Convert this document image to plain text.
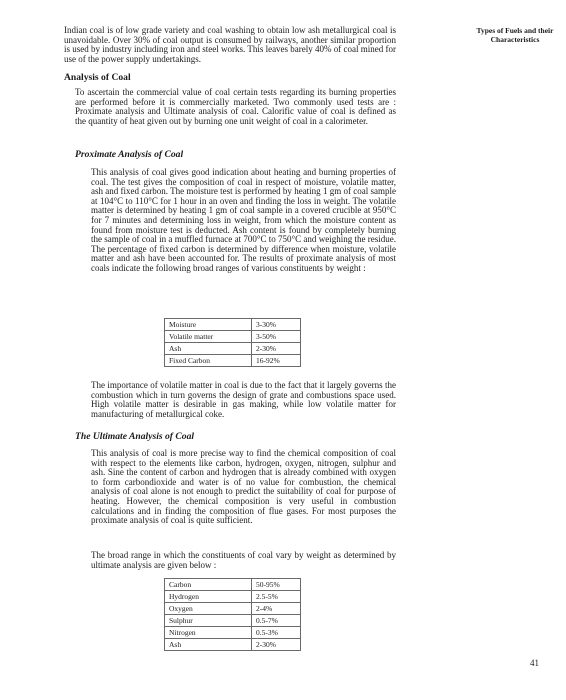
Types of Fuels and their Characteristics

Indian coal is of low grade variety and coal washing to obtain low ash metallurgical coal is unavoidable. Over 30% of coal output is consumed by railways, another similar proportion is used by industry including iron and steel works. This leaves barely 40% of coal mined for use of the power supply undertakings.

Analysis of Coal

To ascertain the commercial value of coal certain tests regarding its burning properties are performed before it is commercially marketed. Two commonly used tests are : Proximate analysis and Ultimate analysis of coal. Calorific value of coal is defined as the quantity of heat given out by burning one unit weight of coal in a calorimeter.

Proximate Analysis of Coal

This analysis of coal gives good indication about heating and burning properties of coal. The test gives the composition of coal in respect of moisture, volatile matter, ash and fixed carbon. The moisture test is performed by heating 1 gm of coal sample at 104°C to 110°C for 1 hour in an oven and finding the loss in weight. The volatile matter is determined by heating 1 gm of coal sample in a covered crucible at 950°C for 7 minutes and determining loss in weight, from which the moisture content as found from moisture test is deducted. Ash content is found by completely burning the sample of coal in a muffled furnace at 700°C to 750°C and weighing the residue. The percentage of fixed carbon is determined by difference when moisture, volatile matter and ash have been accounted for. The results of proximate analysis of most coals indicate the following broad ranges of various constituents by weight :

Moisture	3-30%
Volatile matter	3-50%
Ash	2-30%
Fixed Carbon	16-92%

The importance of volatile matter in coal is due to the fact that it largely governs the combustion which in turn governs the design of grate and combustions space used. High volatile matter is desirable in gas making, while low volatile matter for manufacturing of metallurgical coke.

The Ultimate Analysis of Coal

This analysis of coal is more precise way to find the chemical composition of coal with respect to the elements like carbon, hydrogen, oxygen, nitrogen, sulphur and ash. Sine the content of carbon and hydrogen that is already combined with oxygen to form carbondioxide and water is of no value for combustion, the chemical analysis of coal alone is not enough to predict the suitability of coal for purpose of heating. However, the chemical composition is very useful in combustion calculations and in finding the composition of flue gases. For most purposes the proximate analysis of coal is quite sufficient.

The broad range in which the constituents of coal vary by weight as determined by ultimate analysis are given below :

Carbon	50-95%
Hydrogen	2.5-5%
Oxygen	2-4%
Sulphur	0.5-7%
Nitrogen	0.5-3%
Ash	2-30%
41
